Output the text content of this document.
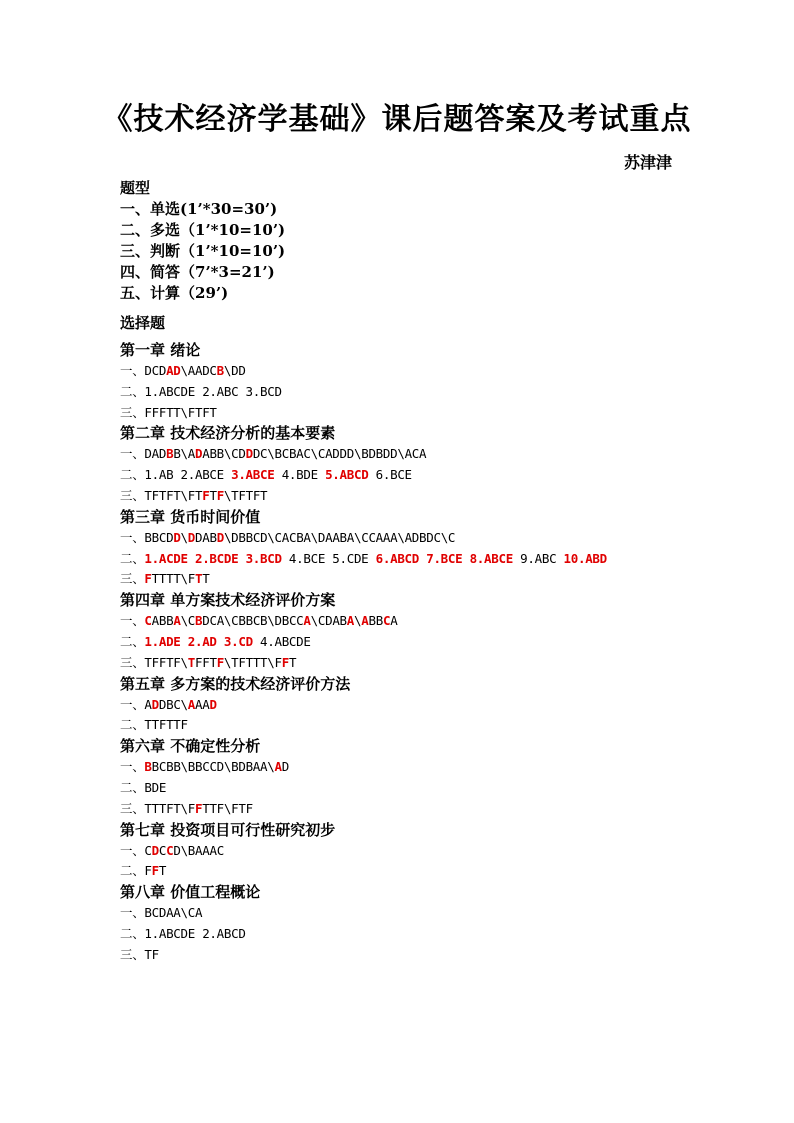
《技术经济学基础》课后题答案及考试重点
苏津津
题型
一、单选(1’*30=30’)
二、多选（1’*10=10’)
三、判断（1’*10=10’)
四、简答（7’*3=21’)
五、计算（29’)
选择题
第一章 绪论
一、DCDAD\AADCB\DD
二、1.ABCDE 2.ABC 3.BCD
三、FFFTT\FTFT
第二章 技术经济分析的基本要素
一、DADBB\ADABB\CDDDC\BCBAC\CADDD\BDBDD\ACA
二、1.AB 2.ABCE 3.ABCE 4.BDE 5.ABCD 6.BCE
三、TFTFT\FTFTF\TFTFT
第三章 货币时间价值
一、BBCDD\DDABD\DBBCD\CACBA\DAABA\CCAAA\ADBDC\C
二、1.ACDE 2.BCDE 3.BCD 4.BCE 5.CDE 6.ABCD 7.BCE 8.ABCE 9.ABC 10.ABD
三、FTTTT\FTT
第四章 单方案技术经济评价方案
一、CABBA\CBDCA\CBBCB\DBCCA\CDABA\ABBCA
二、1.ADE 2.AD 3.CD 4.ABCDE
三、TFFTF\TFFTF\TFTTT\FFT
第五章 多方案的技术经济评价方法
一、ADDBC\AAAD
二、TTFTTF
第六章 不确定性分析
一、BBCBB\BBCCD\BDBAA\AD
二、BDE
三、TTTFT\FFTTF\FTF
第七章 投资项目可行性研究初步
一、CDCCD\BAAAC
二、FFT
第八章 价值工程概论
一、BCDAA\CA
二、1.ABCDE 2.ABCD
三、TF
